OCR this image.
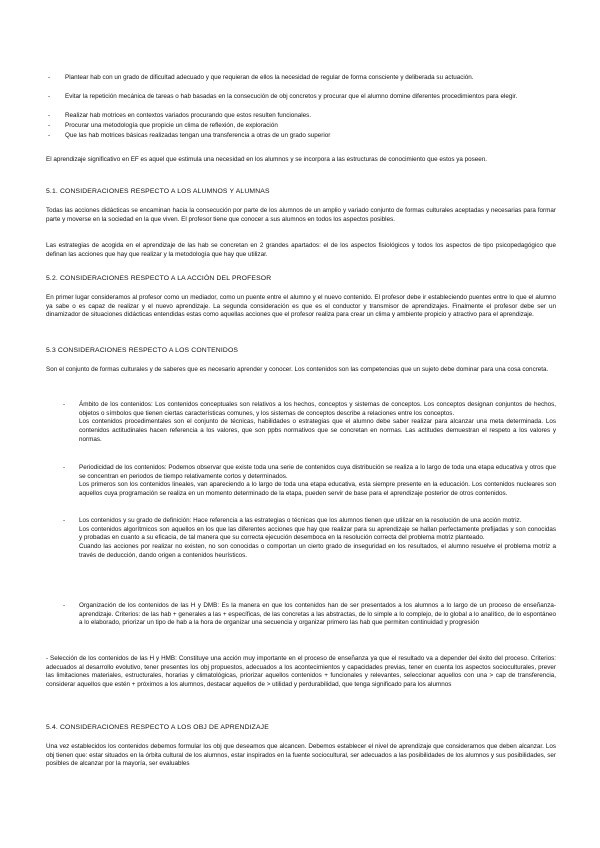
- Plantear hab con un grado de dificultad adecuado y que requieran de ellos la necesidad de regular de forma consciente y deliberada su actuación.

- Evitar la repetición mecánica de tareas o hab basadas en la consecución de obj concretos y procurar que el alumno domine diferentes procedimientos para elegir.

- Realizar hab motrices en contextos variados procurando que estos resulten funcionales.

- Procurar una metodología que propicie un clima de reflexión, de exploración

- Que las hab motrices básicas realizadas tengan una transferencia a otras de un grado superior

El aprendizaje significativo en EF es aquel que estimula una necesidad en los alumnos y se incorpora a las estructuras de conocimiento que estos ya poseen.

5.1. CONSIDERACIONES RESPECTO A LOS ALUMNOS Y ALUMNAS

Todas las acciones didácticas se encaminan hacia la consecución por parte de los alumnos de un amplio y variado conjunto de formas culturales aceptadas y necesarias para formar parte y moverse en la sociedad en la que viven. El profesor tiene que conocer a sus alumnos en todos los aspectos posibles.

Las estrategias de acogida en el aprendizaje de las hab se concretan en 2 grandes apartados: el de los aspectos fisiológicos y todos los aspectos de tipo psicopedagógico que definan las acciones que hay que realizar y la metodología que hay que utilizar.

5.2. CONSIDERACIONES RESPECTO A LA ACCIÓN DEL PROFESOR

En primer lugar consideramos al profesor como un mediador, como un puente entre el alumno y el nuevo contenido. El profesor debe ir estableciendo puentes entre lo que el alumno ya sabe o es capaz de realizar y el nuevo aprendizaje. La segunda consideración es que es el conductor y transmisor de aprendizajes. Finalmente el profesor debe ser un dinamizador de situaciones didácticas entendidas estas como aquellas acciones que el profesor realiza para crear un clima y ambiente propicio y atractivo para el aprendizaje.

5.3 CONSIDERACIONES RESPECTO A LOS CONTENIDOS

Son el conjunto de formas culturales y de saberes que es necesario aprender y conocer. Los contenidos son las competencias que un sujeto debe dominar para una cosa concreta.

- Ámbito de los contenidos: Los contenidos conceptuales son relativos a los hechos, conceptos y sistemas de conceptos. Los conceptos designan conjuntos de hechos, objetos o símbolos que tienen ciertas características comunes, y los sistemas de conceptos describe a relaciones entre los conceptos.
Los contenidos procedimentales son el conjunto de técnicas, habilidades o estrategias que el alumno debe saber realizar para alcanzar una meta determinada. Los contenidos actitudinales hacen referencia a los valores, que son ppbs normativos que se concretan en normas. Las actitudes demuestran el respeto a los valores y normas.
- Periodicidad de los contenidos: Podemos observar que existe toda una serie de contenidos cuya distribución se realiza a lo largo de toda una etapa educativa y otros que se concentran en periodos de tiempo relativamente cortos y determinados.
Los primeros son los contenidos lineales, van apareciendo a lo largo de toda una etapa educativa, esta siempre presente en la educación. Los contenidos nucleares son aquellos cuya programación se realiza en un momento determinado de la etapa, pueden servir de base para el aprendizaje posterior de otros contenidos.
- Los contenidos y su grado de definición: Hace referencia a las estrategias o técnicas que los alumnos tienen que utilizar en la resolución de una acción motriz.
Los contenidos algorítmicos son aquellos en los que las diferentes acciones que hay que realizar para su aprendizaje se hallan perfectamente prefijadas y son conocidas y probadas en cuanto a su eficacia, de tal manera que su correcta ejecución desemboca en la resolución correcta del problema motriz planteado.
Cuando las acciones por realizar no existen, no son conocidas o comportan un cierto grado de inseguridad en los resultados, el alumno resuelve el problema motriz a través de deducción, dando origen a contenidos heurísticos.
- Organización de los contenidos de las H y DMB: Es la manera en que los contenidos han de ser presentados a los alumnos a lo largo de un proceso de enseñanza-aprendizaje. Criterios: de las hab + generales a las + específicas, de las concretas a las abstractas, de lo simple a lo complejo, de lo global a lo analítico, de lo espontáneo a lo elaborado, priorizar un tipo de hab a la hora de organizar una secuencia y organizar primero las hab que permiten continuidad y progresión

- Selección de los contenidos de las H y HMB: Constituye una acción muy importante en el proceso de enseñanza ya que el resultado va a depender del éxito del proceso. Criterios: adecuados al desarrollo evolutivo, tener presentes los obj propuestos, adecuados a los acontecimientos y capacidades previas, tener en cuenta los aspectos socioculturales, prever las limitaciones materiales, estructurales, horarias y climatológicas, priorizar aquellos contenidos + funcionales y relevantes, seleccionar aquellos con una > cap de transferencia, considerar aquellos que estén + próximos a los alumnos, destacar aquellos de > utilidad y perdurabilidad, que tenga significado para los alumnos

5.4. CONSIDERACIONES RESPECTO A LOS OBJ DE APRENDIZAJE

Una vez establecidos los contenidos debemos formular los obj que deseamos que alcancen. Debemos establecer el nivel de aprendizaje que consideramos que deben alcanzar. Los obj tienen que: estar situados en la órbita cultural de los alumnos, estar inspirados en la fuente sociocultural, ser adecuados a las posibilidades de los alumnos y sus posibilidades, ser posibles de alcanzar por la mayoría, ser evaluables
